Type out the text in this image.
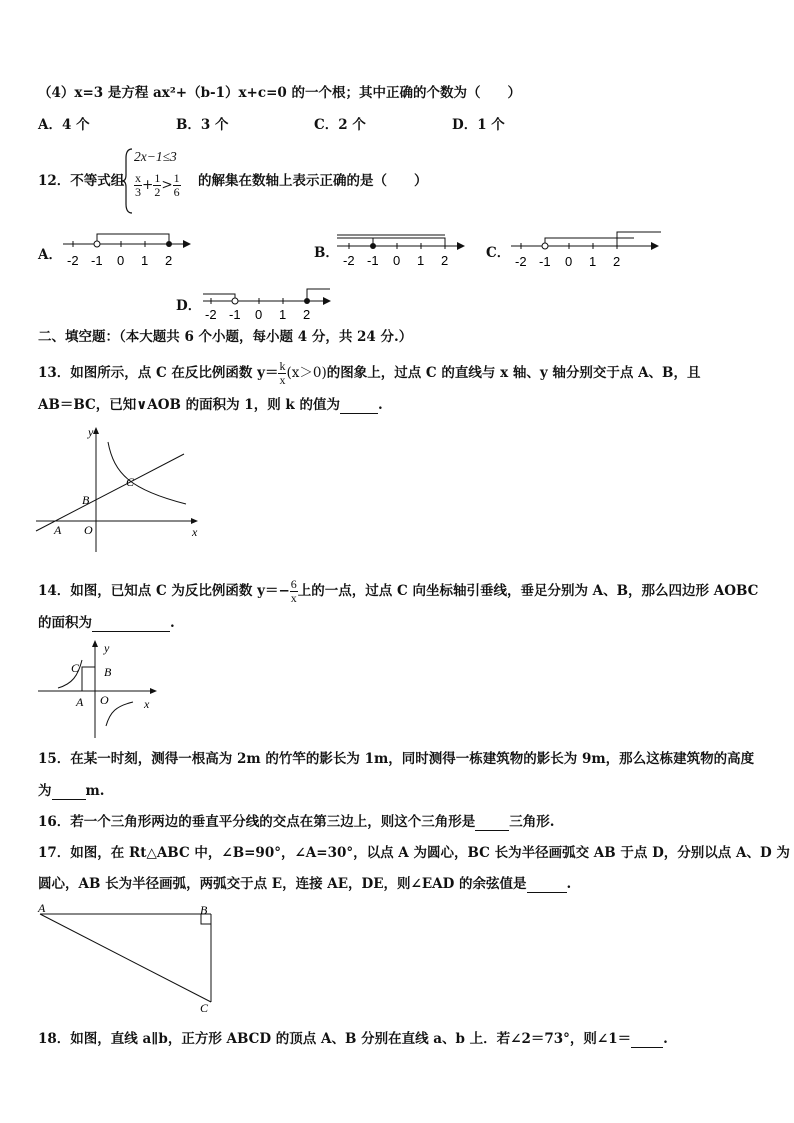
（4）x=3 是方程 ax²+（b-1）x+c=0 的一个根；其中正确的个数为（　　）
A．4 个	B．3 个	C．2 个	D．1 个
12．不等式组
2x−1≤3
$\frac{x}{3} + \frac{1}{2} > \frac{1}{6}$ 的解集在数轴上表示正确的是（　　）
A． -2 -1 0 1 2	B． -2 -1 0 1 2	C．
-2 -1 0 1 2
D．
-2 -1 0 1 2
二、填空题：（本大题共 6 个小题，每小题 4 分，共 24 分.）
13．如图所示，点 C 在反比例函数 $y= \frac{k}{x} (x>0)$的图象上，过点 C 的直线与 x 轴、y 轴分别交于点 A、B，且
AB＝BC，已知∨AOB 的面积为 1，则 k 的值为	.
y
x
A O
B
C
14．如图，已知点 C 为反比例函数 $y=- \frac{6}{x}$ 上的一点，过点 C 向坐标轴引垂线，垂足分别为 A、B，那么四边形 AOBC
的面积为	.
y
x
C B
A O
15．在某一时刻，测得一根高为 2m 的竹竿的影长为 1m，同时测得一栋建筑物的影长为 9m，那么这栋建筑物的高度
为	m.
16．若一个三角形两边的垂直平分线的交点在第三边上，则这个三角形是	三角形.
17．如图，在 Rt△ABC 中，∠B=90°，∠A=30°，以点 A 为圆心，BC 长为半径画弧交 AB 于点 D，分别以点 A、D 为
圆心，AB 长为半径画弧，两弧交于点 E，连接 AE，DE，则∠EAD 的余弦值是	.
A	B
C
18．如图，直线 a∥b，正方形 ABCD 的顶点 A、B 分别在直线 a、b 上．若∠2＝73°，则∠1＝ .
